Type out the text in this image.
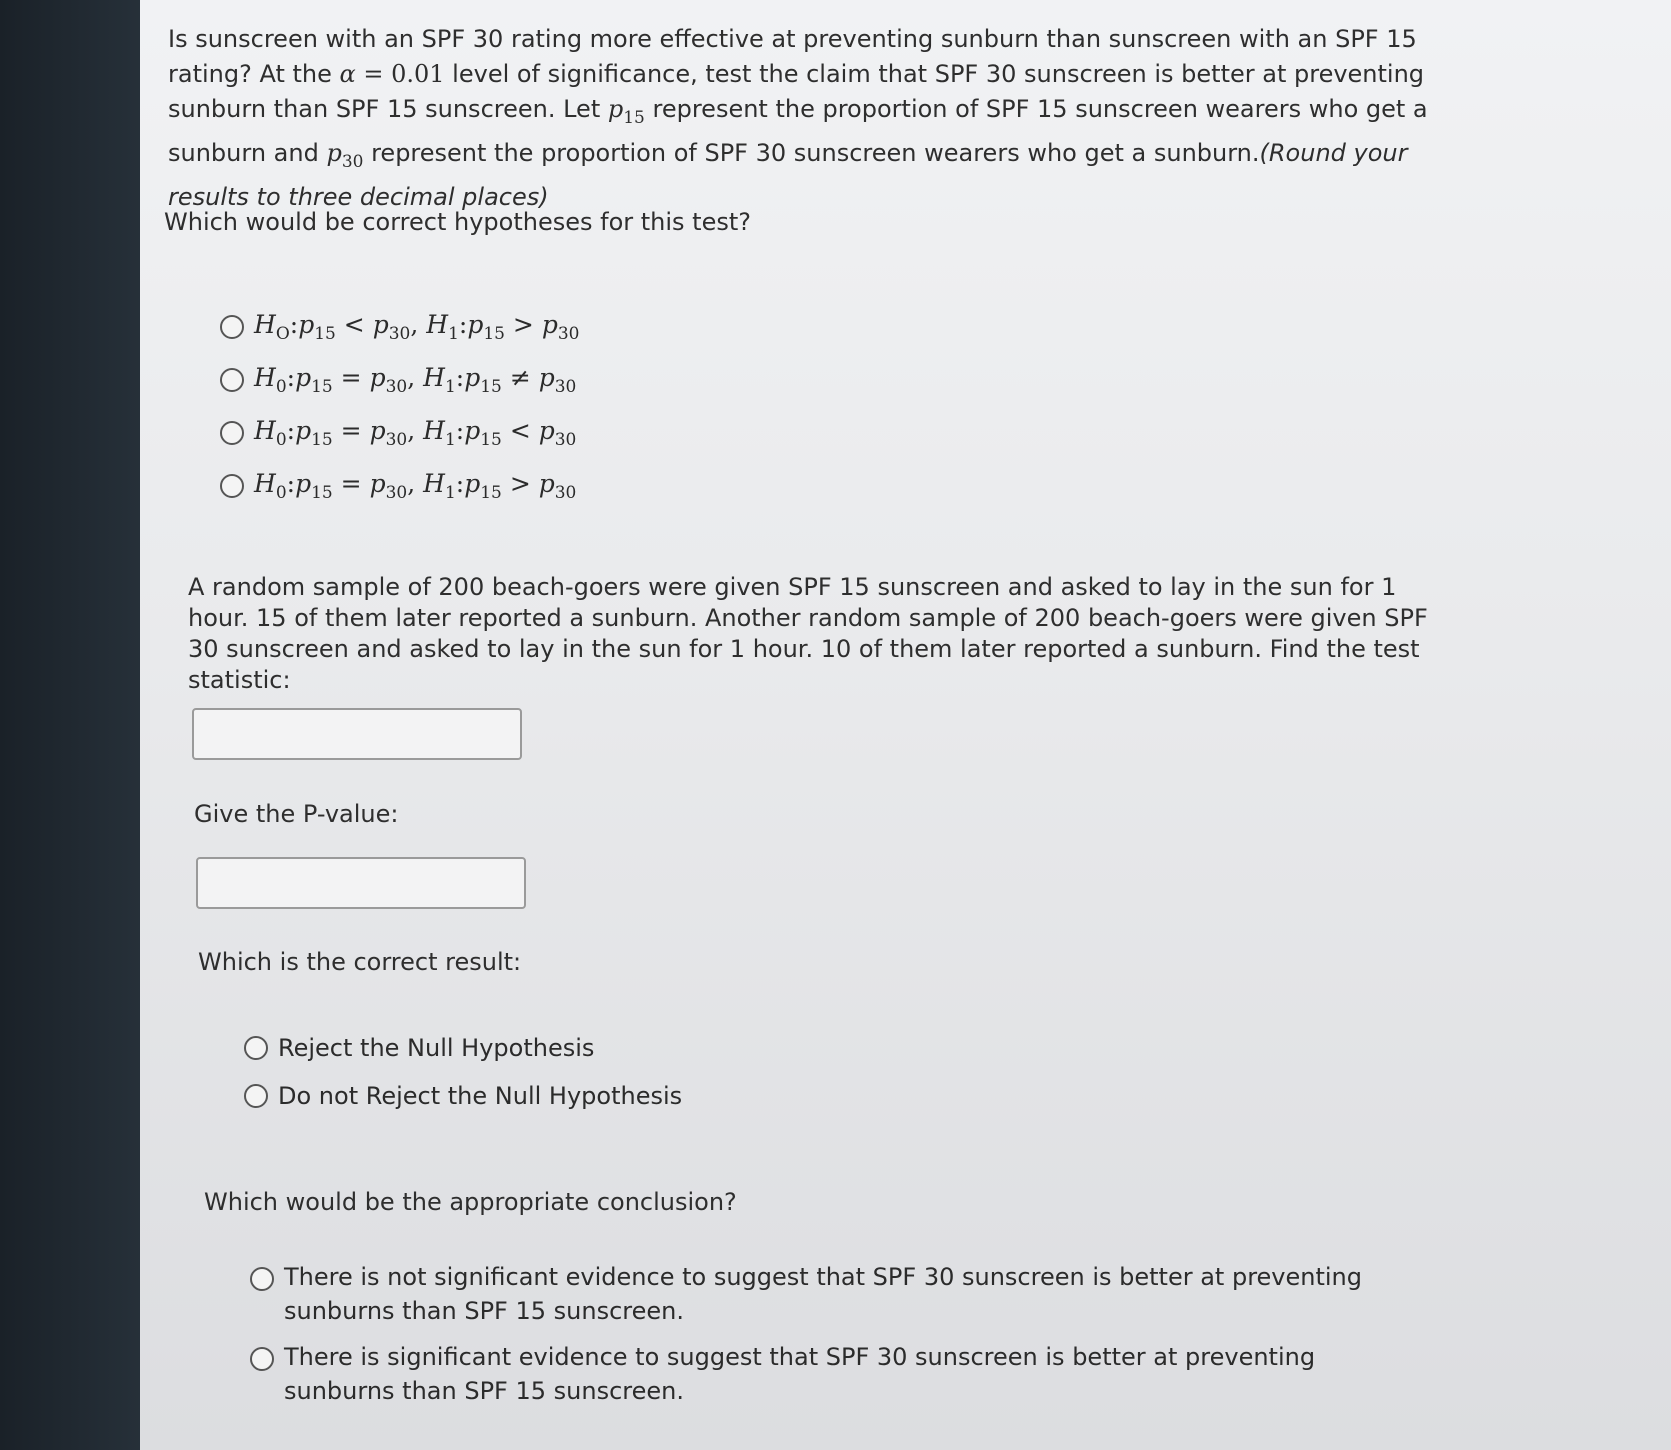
Is sunscreen with an SPF 30 rating more effective at preventing sunburn than sunscreen with an SPF 15 rating? At the α = 0.01 level of significance, test the claim that SPF 30 sunscreen is better at preventing sunburn than SPF 15 sunscreen. Let $p_{15}$ represent the proportion of SPF 15 sunscreen wearers who get a sunburn and $p_{30}$ represent the proportion of SPF 30 sunscreen wearers who get a sunburn.(Round your results to three decimal places)
Which would be correct hypotheses for this test?
$H_O:p_{15} < p_{30}$, $H_1:p_{15} > p_{30}$
$H_0:p_{15} = p_{30}$, $H_1:p_{15} \ne p_{30}$
$H_0:p_{15} = p_{30}$, $H_1:p_{15} < p_{30}$
$H_0:p_{15} = p_{30}$, $H_1:p_{15} > p_{30}$
A random sample of 200 beach-goers were given SPF 15 sunscreen and asked to lay in the sun for 1 hour. 15 of them later reported a sunburn. Another random sample of 200 beach-goers were given SPF 30 sunscreen and asked to lay in the sun for 1 hour. 10 of them later reported a sunburn. Find the test statistic:
Give the P-value:
Which is the correct result:
Reject the Null Hypothesis
Do not Reject the Null Hypothesis
Which would be the appropriate conclusion?
There is not significant evidence to suggest that SPF 30 sunscreen is better at preventing sunburns than SPF 15 sunscreen.
There is significant evidence to suggest that SPF 30 sunscreen is better at preventing sunburns than SPF 15 sunscreen.
